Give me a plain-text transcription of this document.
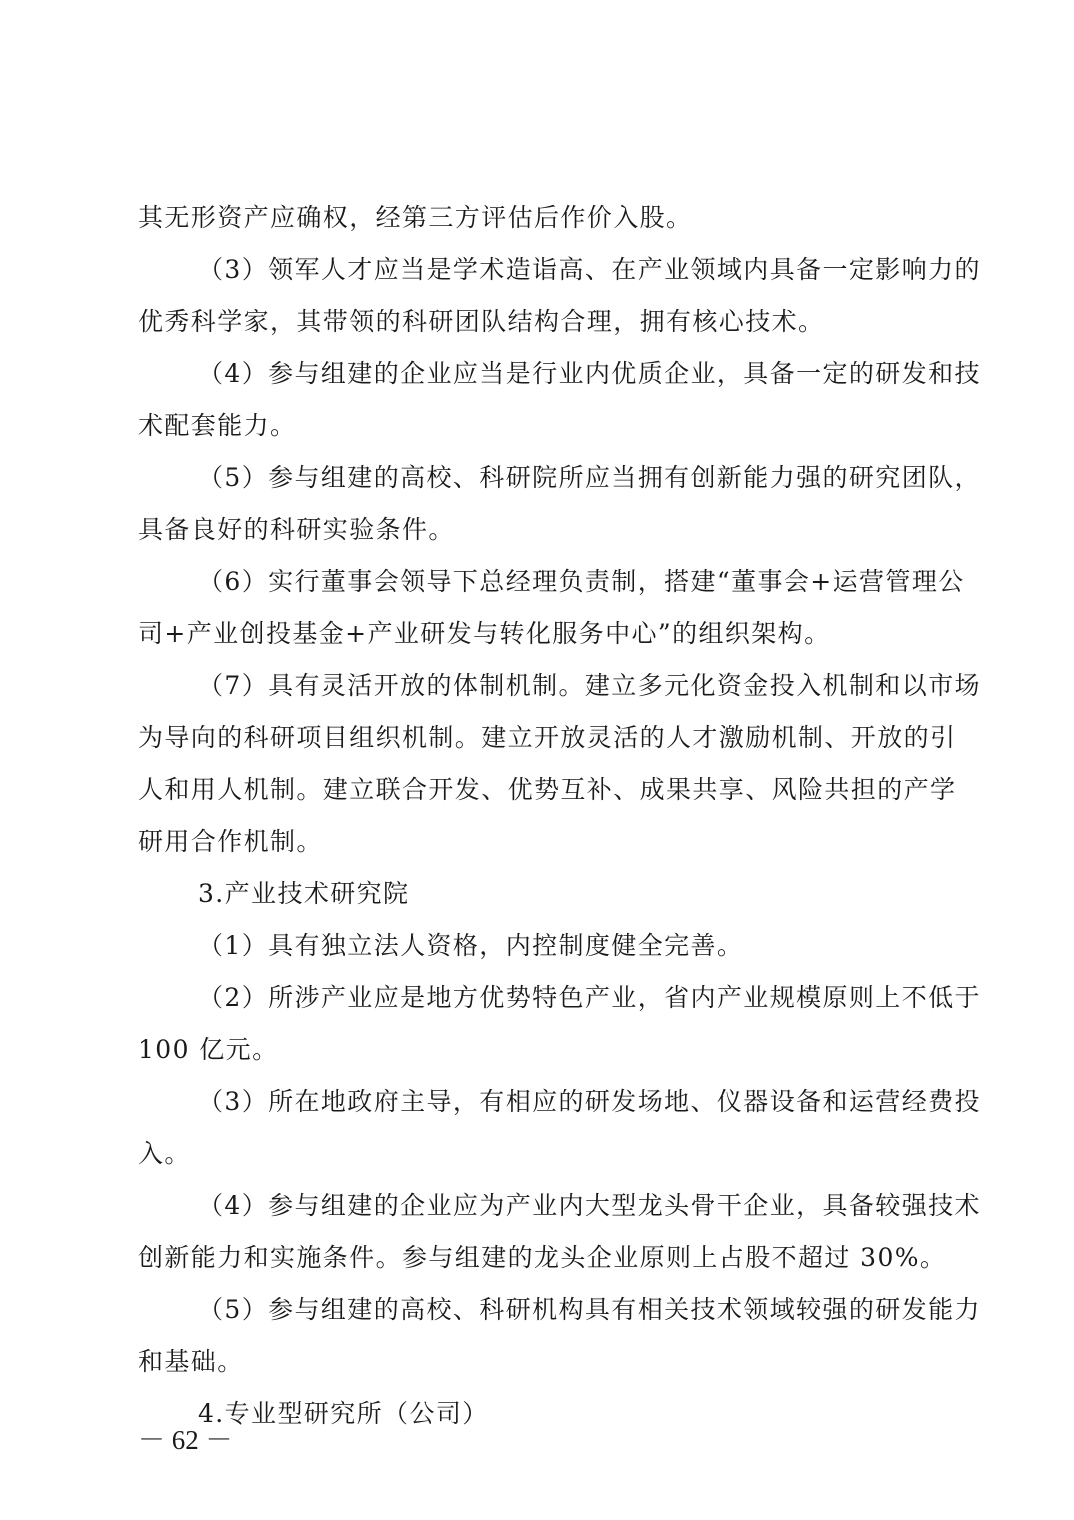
其无形资产应确权，经第三方评估后作价入股。
（3）领军人才应当是学术造诣高、在产业领域内具备一定影响力的
优秀科学家，其带领的科研团队结构合理，拥有核心技术。
（4）参与组建的企业应当是行业内优质企业，具备一定的研发和技
术配套能力。
（5）参与组建的高校、科研院所应当拥有创新能力强的研究团队，
具备良好的科研实验条件。
（6）实行董事会领导下总经理负责制，搭建“董事会+运营管理公
司+产业创投基金+产业研发与转化服务中心”的组织架构。
（7）具有灵活开放的体制机制。建立多元化资金投入机制和以市场
为导向的科研项目组织机制。建立开放灵活的人才激励机制、开放的引
人和用人机制。建立联合开发、优势互补、成果共享、风险共担的产学
研用合作机制。
3.产业技术研究院
（1）具有独立法人资格，内控制度健全完善。
（2）所涉产业应是地方优势特色产业，省内产业规模原则上不低于
100 亿元。
（3）所在地政府主导，有相应的研发场地、仪器设备和运营经费投
入。
（4）参与组建的企业应为产业内大型龙头骨干企业，具备较强技术
创新能力和实施条件。参与组建的龙头企业原则上占股不超过 30%。
（5）参与组建的高校、科研机构具有相关技术领域较强的研发能力
和基础。
4.专业型研究所（公司）
－ 62 －
